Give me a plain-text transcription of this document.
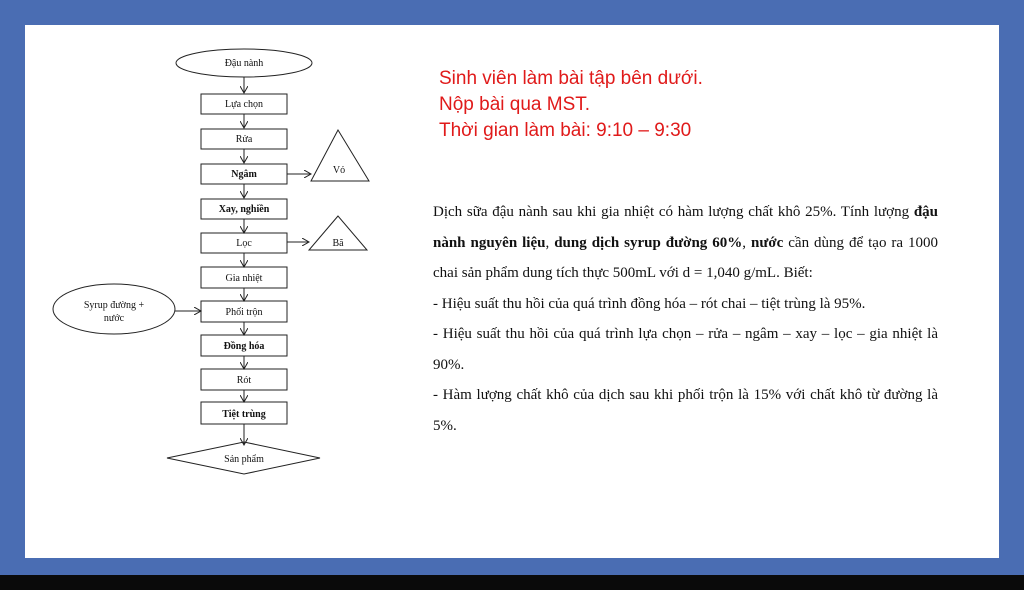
Đậu nành
Lựa chọn
Rửa
Ngâm
Xay, nghiền
Lọc
Gia nhiệt
Phối trộn
Đồng hóa
Rót
Tiệt trùng
Sản phẩm
Vỏ
Bã
Syrup đường +
nước
Sinh viên làm bài tập bên dưới.
Nộp bài qua MST.
Thời gian làm bài: 9:10 – 9:30

Dịch sữa đậu nành sau khi gia nhiệt có hàm lượng chất khô 25%. Tính lượng đậu nành nguyên liệu, dung dịch syrup đường 60%, nước cần dùng để tạo ra 1000 chai sản phẩm dung tích thực 500mL với d = 1,040 g/mL. Biết:

- Hiệu suất thu hồi của quá trình đồng hóa – rót chai – tiệt trùng là 95%.

- Hiệu suất thu hồi của quá trình lựa chọn – rửa – ngâm – xay – lọc – gia nhiệt là 90%.

- Hàm lượng chất khô của dịch sau khi phối trộn là 15% với chất khô từ đường là 5%.
